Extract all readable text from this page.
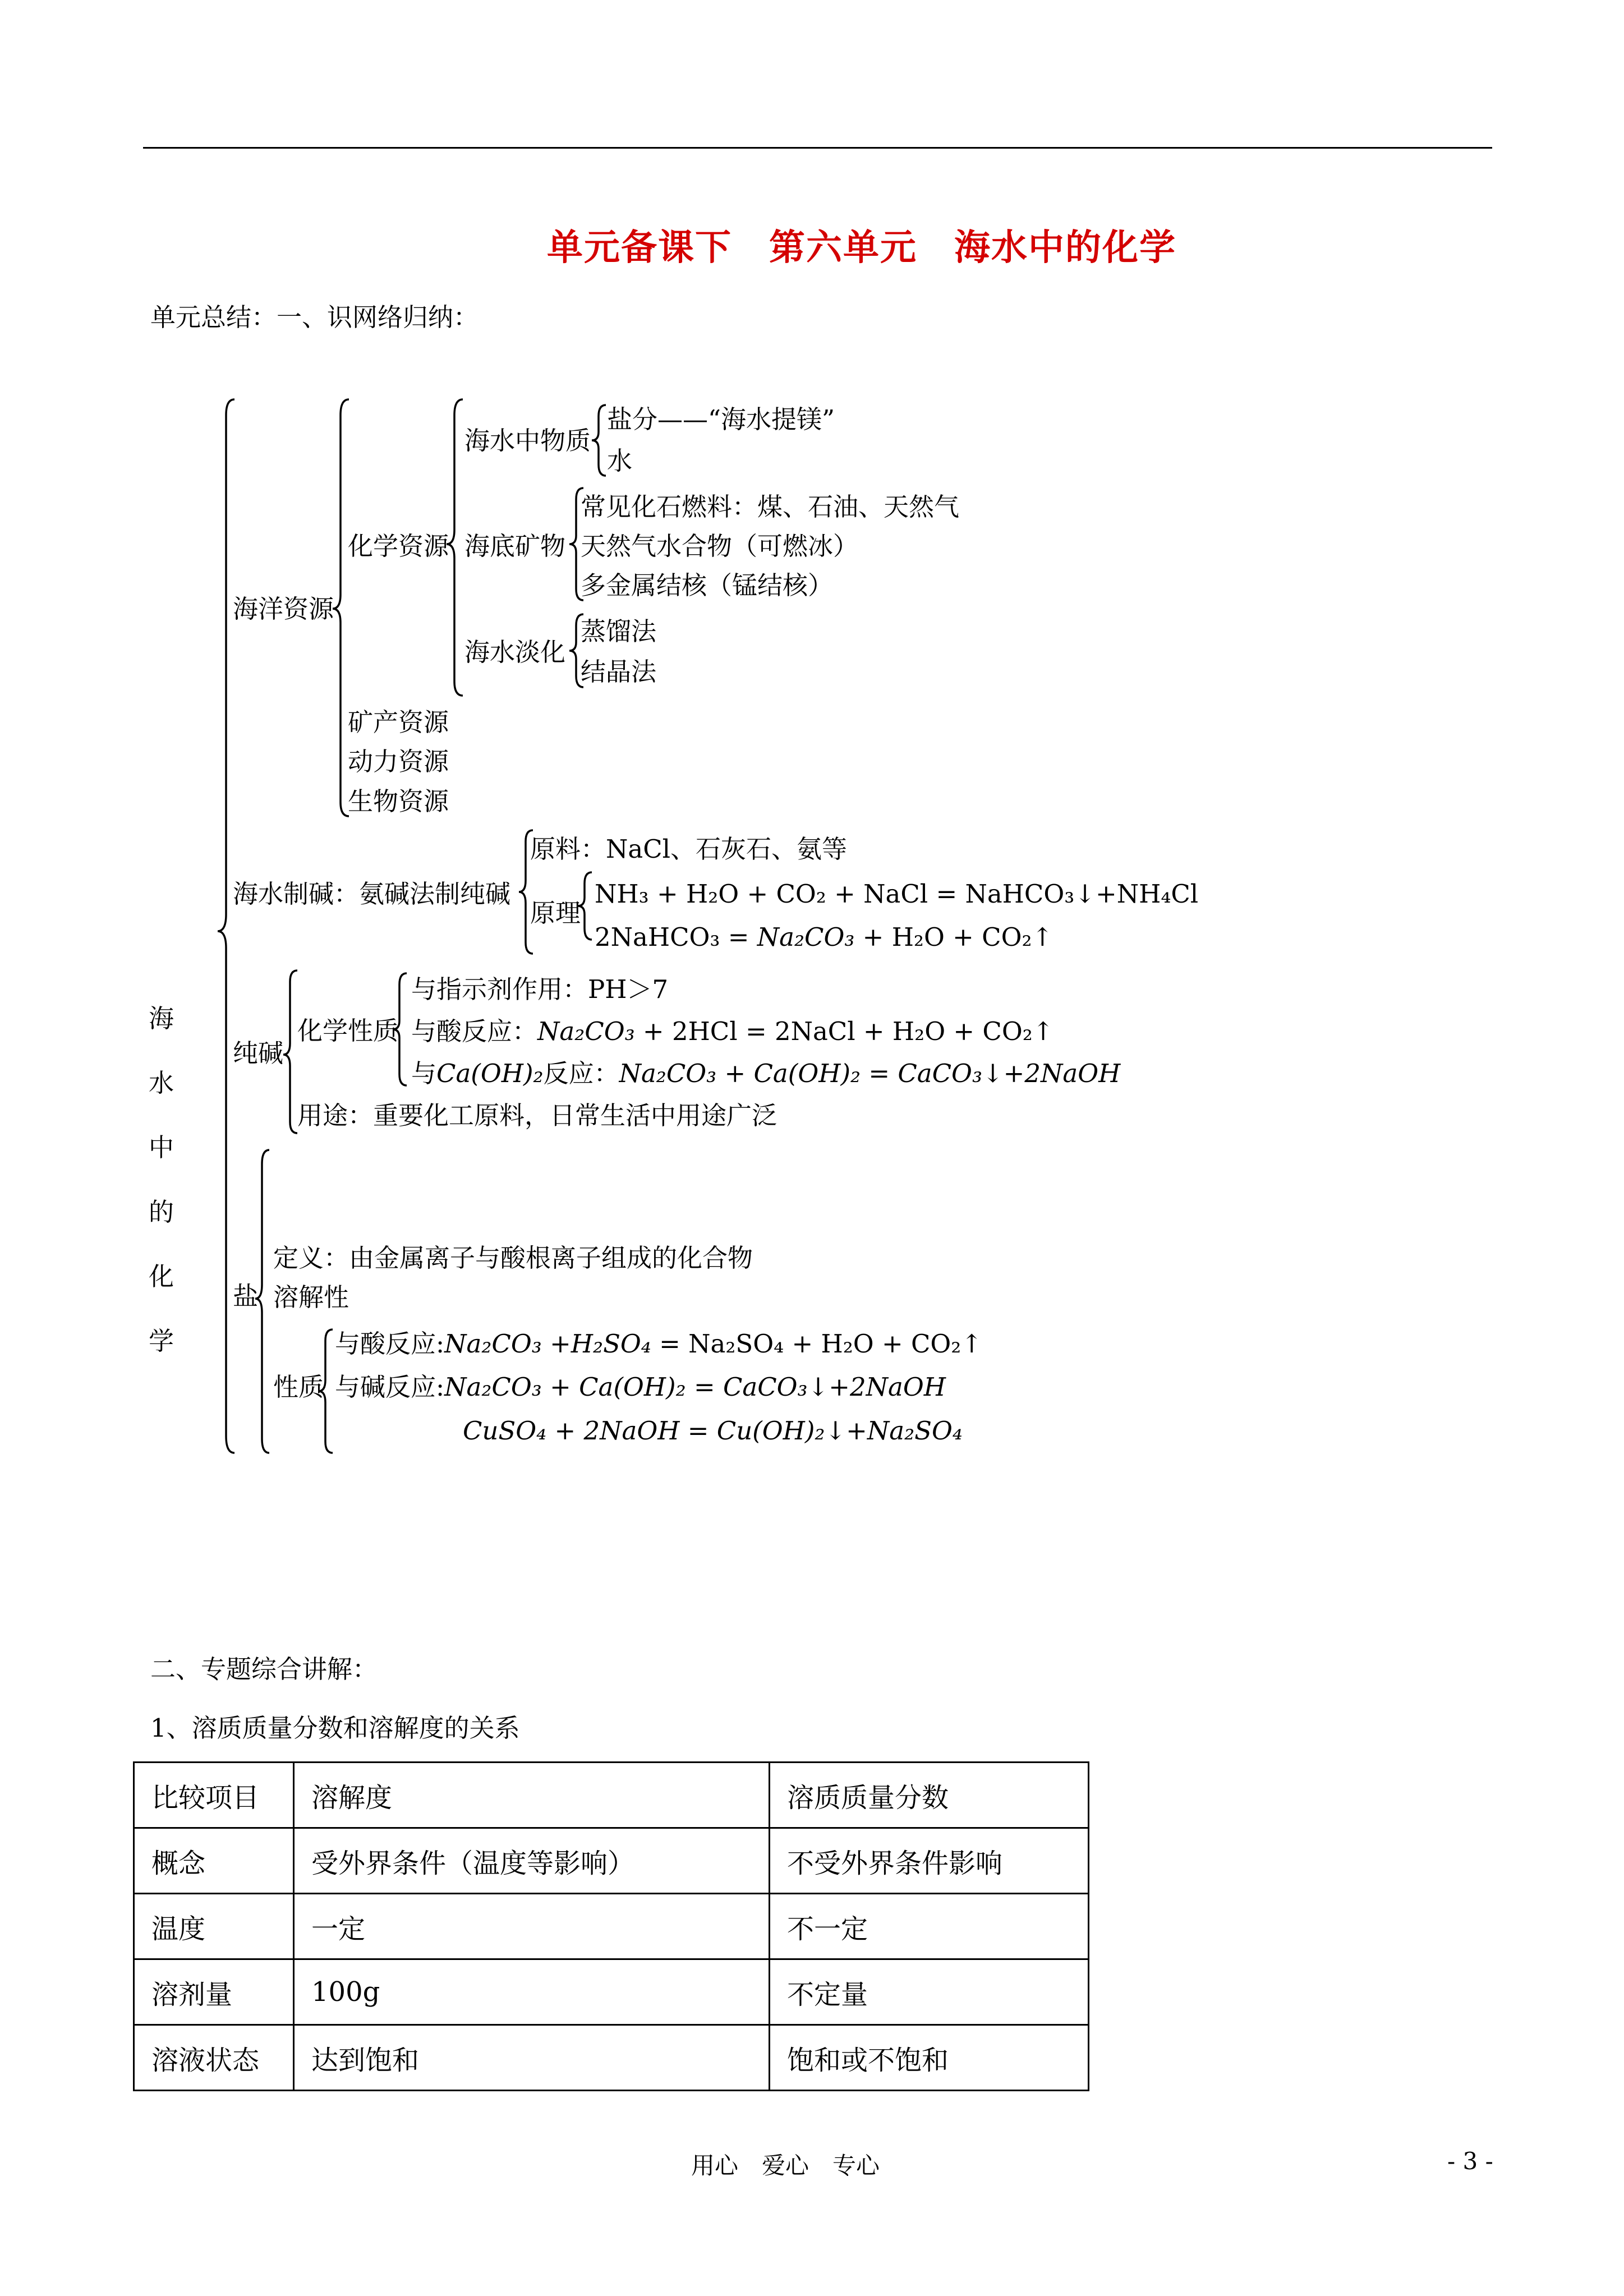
单元备课下　第六单元　海水中的化学
单元总结：一、识网络归纳：
海
水
中
的
化
学
海洋资源
化学资源
海水中物质
盐分——“海水提镁”
水
海底矿物
常见化石燃料：煤、石油、天然气
天然气水合物（可燃冰）
多金属结核（锰结核）
海水淡化
蒸馏法
结晶法
矿产资源
动力资源
生物资源
海水制碱：氨碱法制纯碱
原料：NaCl、石灰石、氨等
原理
NH₃ + H₂O + CO₂ + NaCl = NaHCO₃↓+NH₄Cl
2NaHCO₃ = Na₂CO₃ + H₂O + CO₂↑
纯碱
化学性质
与指示剂作用：PH＞7
与酸反应：Na₂CO₃ + 2HCl = 2NaCl + H₂O + CO₂↑
与Ca(OH)₂反应：Na₂CO₃ + Ca(OH)₂ = CaCO₃↓+2NaOH
用途：重要化工原料，日常生活中用途广泛
盐
定义：由金属离子与酸根离子组成的化合物
溶解性
性质
与酸反应:Na₂CO₃ +H₂SO₄ = Na₂SO₄ + H₂O + CO₂↑
与碱反应:Na₂CO₃ + Ca(OH)₂ = CaCO₃↓+2NaOH
CuSO₄ + 2NaOH = Cu(OH)₂↓+Na₂SO₄
二、专题综合讲解：
1、溶质质量分数和溶解度的关系
比较项目	溶解度	溶质质量分数
概念	受外界条件（温度等影响）	不受外界条件影响
温度	一定	不一定
溶剂量	100g	不定量
溶液状态	达到饱和	饱和或不饱和
用心　爱心　专心	- 3 -
